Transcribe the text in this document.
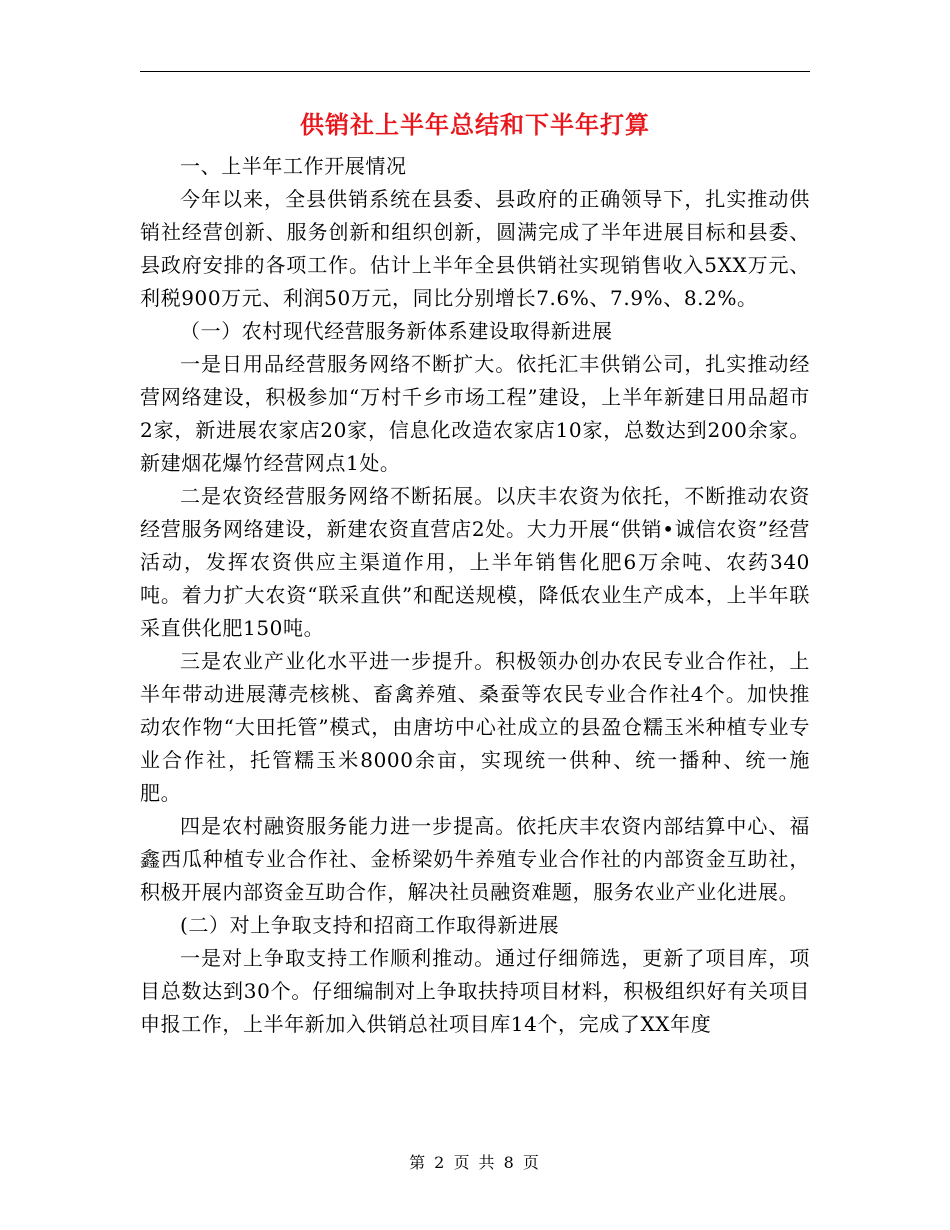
供销社上半年总结和下半年打算

一、上半年工作开展情况

今年以来，全县供销系统在县委、县政府的正确领导下，扎实推动供销社经营创新、服务创新和组织创新，圆满完成了半年进展目标和县委、县政府安排的各项工作。估计上半年全县供销社实现销售收入5XX万元、利税900万元、利润50万元，同比分别增长7.6%、7.9%、8.2%。

（一）农村现代经营服务新体系建设取得新进展

一是日用品经营服务网络不断扩大。依托汇丰供销公司，扎实推动经营网络建设，积极参加“万村千乡市场工程”建设，上半年新建日用品超市2家，新进展农家店20家，信息化改造农家店10家，总数达到200余家。新建烟花爆竹经营网点1处。

二是农资经营服务网络不断拓展。以庆丰农资为依托，不断推动农资经营服务网络建设，新建农资直营店2处。大力开展“供销•诚信农资”经营活动，发挥农资供应主渠道作用，上半年销售化肥6万余吨、农药340吨。着力扩大农资“联采直供”和配送规模，降低农业生产成本，上半年联采直供化肥150吨。

三是农业产业化水平进一步提升。积极领办创办农民专业合作社，上半年带动进展薄壳核桃、畜禽养殖、桑蚕等农民专业合作社4个。加快推动农作物“大田托管”模式，由唐坊中心社成立的县盈仓糯玉米种植专业专业合作社，托管糯玉米8000余亩，实现统一供种、统一播种、统一施肥。

四是农村融资服务能力进一步提高。依托庆丰农资内部结算中心、福鑫西瓜种植专业合作社、金桥梁奶牛养殖专业合作社的内部资金互助社，积极开展内部资金互助合作，解决社员融资难题，服务农业产业化进展。

(二）对上争取支持和招商工作取得新进展

一是对上争取支持工作顺利推动。通过仔细筛选，更新了项目库，项目总数达到30个。仔细编制对上争取扶持项目材料，积极组织好有关项目申报工作，上半年新加入供销总社项目库14个，完成了XX年度

第 2 页 共 8 页
